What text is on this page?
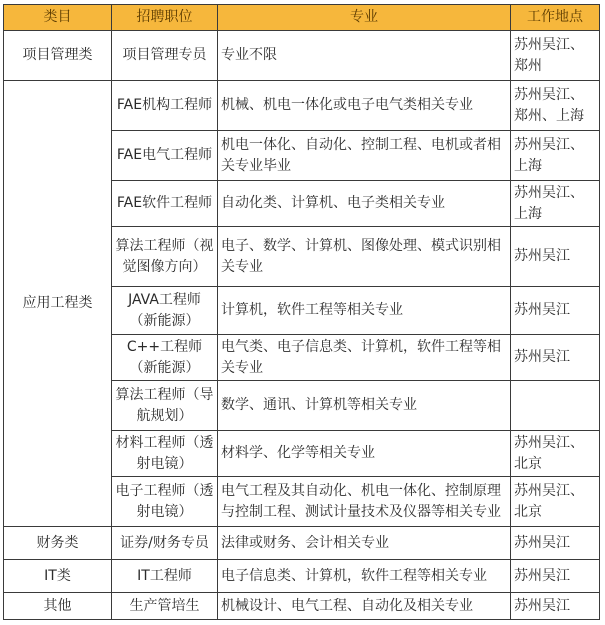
类目	招聘职位	专业	工作地点
项目管理类	项目管理专员	专业不限	苏州吴江、郑州
应用工程类	FAE机构工程师	机械、机电一体化或电子电气类相关专业	苏州吴江、郑州、上海
	FAE电气工程师	机电一体化、自动化、控制工程、电机或者相关专业毕业	苏州吴江、上海
	FAE软件工程师	自动化类、计算机、电子类相关专业	苏州吴江、上海
	算法工程师（视觉图像方向）	电子、数学、计算机、图像处理、模式识别相关专业	苏州吴江
	JAVA工程师（新能源）	计算机，软件工程等相关专业	苏州吴江
	C++工程师（新能源）	电气类、电子信息类、计算机，软件工程等相关专业	苏州吴江
	算法工程师（导航规划）	数学、通讯、计算机等相关专业	
	材料工程师（透射电镜）	材料学、化学等相关专业	苏州吴江、北京
	电子工程师（透射电镜）	电气工程及其自动化、机电一体化、控制原理与控制工程、测试计量技术及仪器等相关专业	苏州吴江、北京
财务类	证券/财务专员	法律或财务、会计相关专业	苏州吴江
IT类	IT工程师	电子信息类、计算机，软件工程等相关专业	苏州吴江
其他	生产管培生	机械设计、电气工程、自动化及相关专业	苏州吴江
